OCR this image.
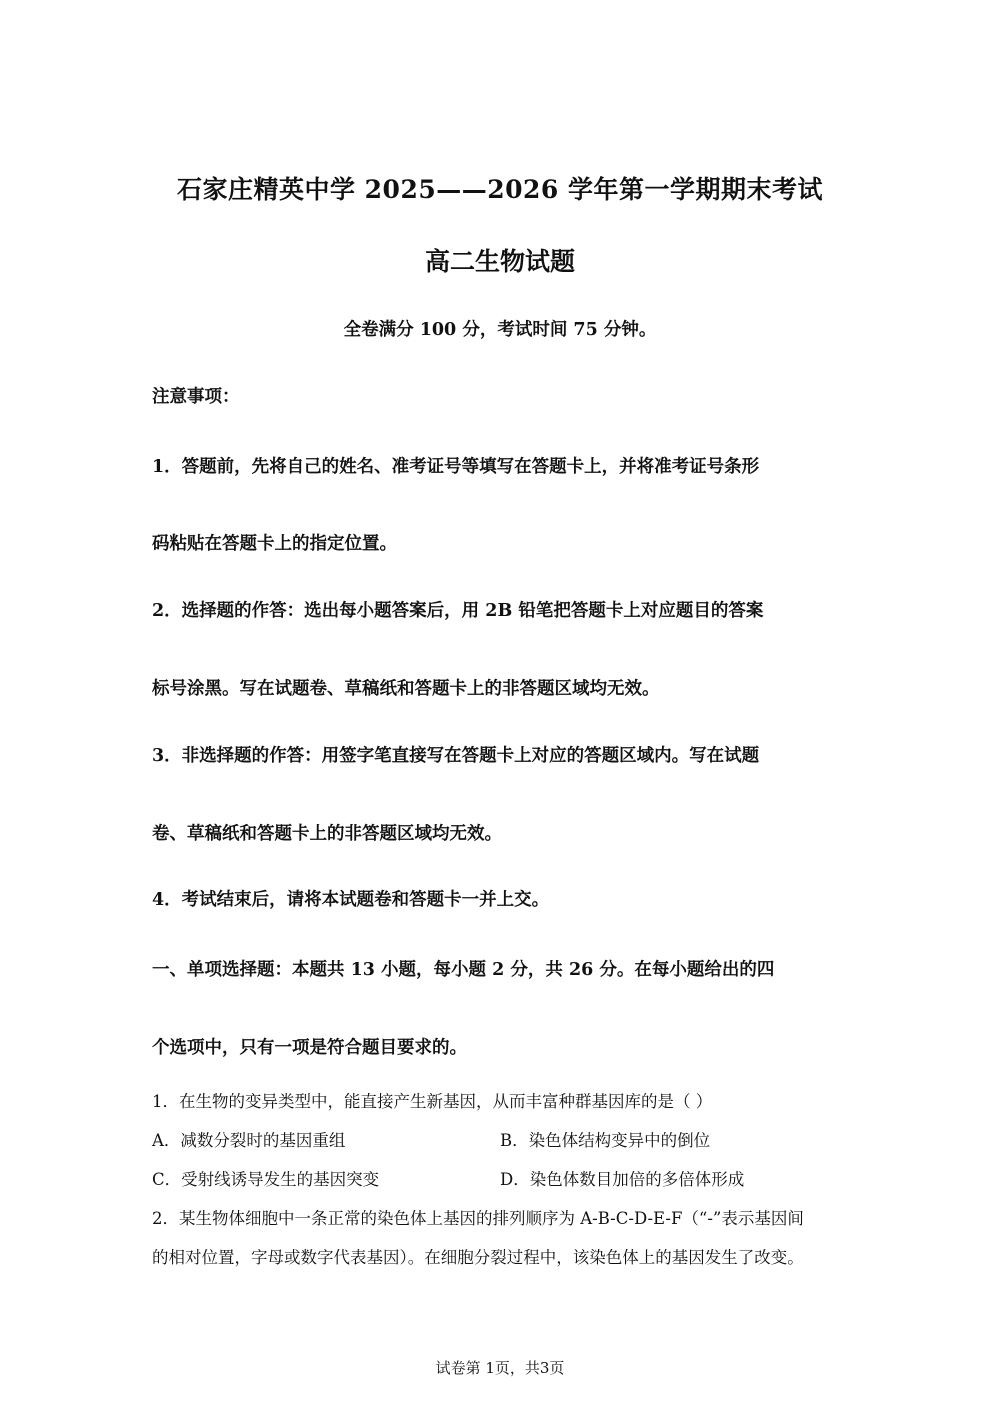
石家庄精英中学 2025——2026 学年第一学期期末考试
高二生物试题
全卷满分 100 分，考试时间 75 分钟。
注意事项：
1．答题前，先将自己的姓名、准考证号等填写在答题卡上，并将准考证号条形
码粘贴在答题卡上的指定位置。
2．选择题的作答：选出每小题答案后，用 2B 铅笔把答题卡上对应题目的答案
标号涂黑。写在试题卷、草稿纸和答题卡上的非答题区域均无效。
3．非选择题的作答：用签字笔直接写在答题卡上对应的答题区域内。写在试题
卷、草稿纸和答题卡上的非答题区域均无效。
4．考试结束后，请将本试题卷和答题卡一并上交。
一、单项选择题：本题共 13 小题，每小题 2 分，共 26 分。在每小题给出的四
个选项中，只有一项是符合题目要求的。
1．在生物的变异类型中，能直接产生新基因，从而丰富种群基因库的是（ ）
A．减数分裂时的基因重组	B．染色体结构变异中的倒位
C．受射线诱导发生的基因突变	D．染色体数目加倍的多倍体形成
2．某生物体细胞中一条正常的染色体上基因的排列顺序为 A-B-C-D-E-F（“-”表示基因间
的相对位置，字母或数字代表基因）。在细胞分裂过程中，该染色体上的基因发生了改变。
试卷第 1页，共3页
